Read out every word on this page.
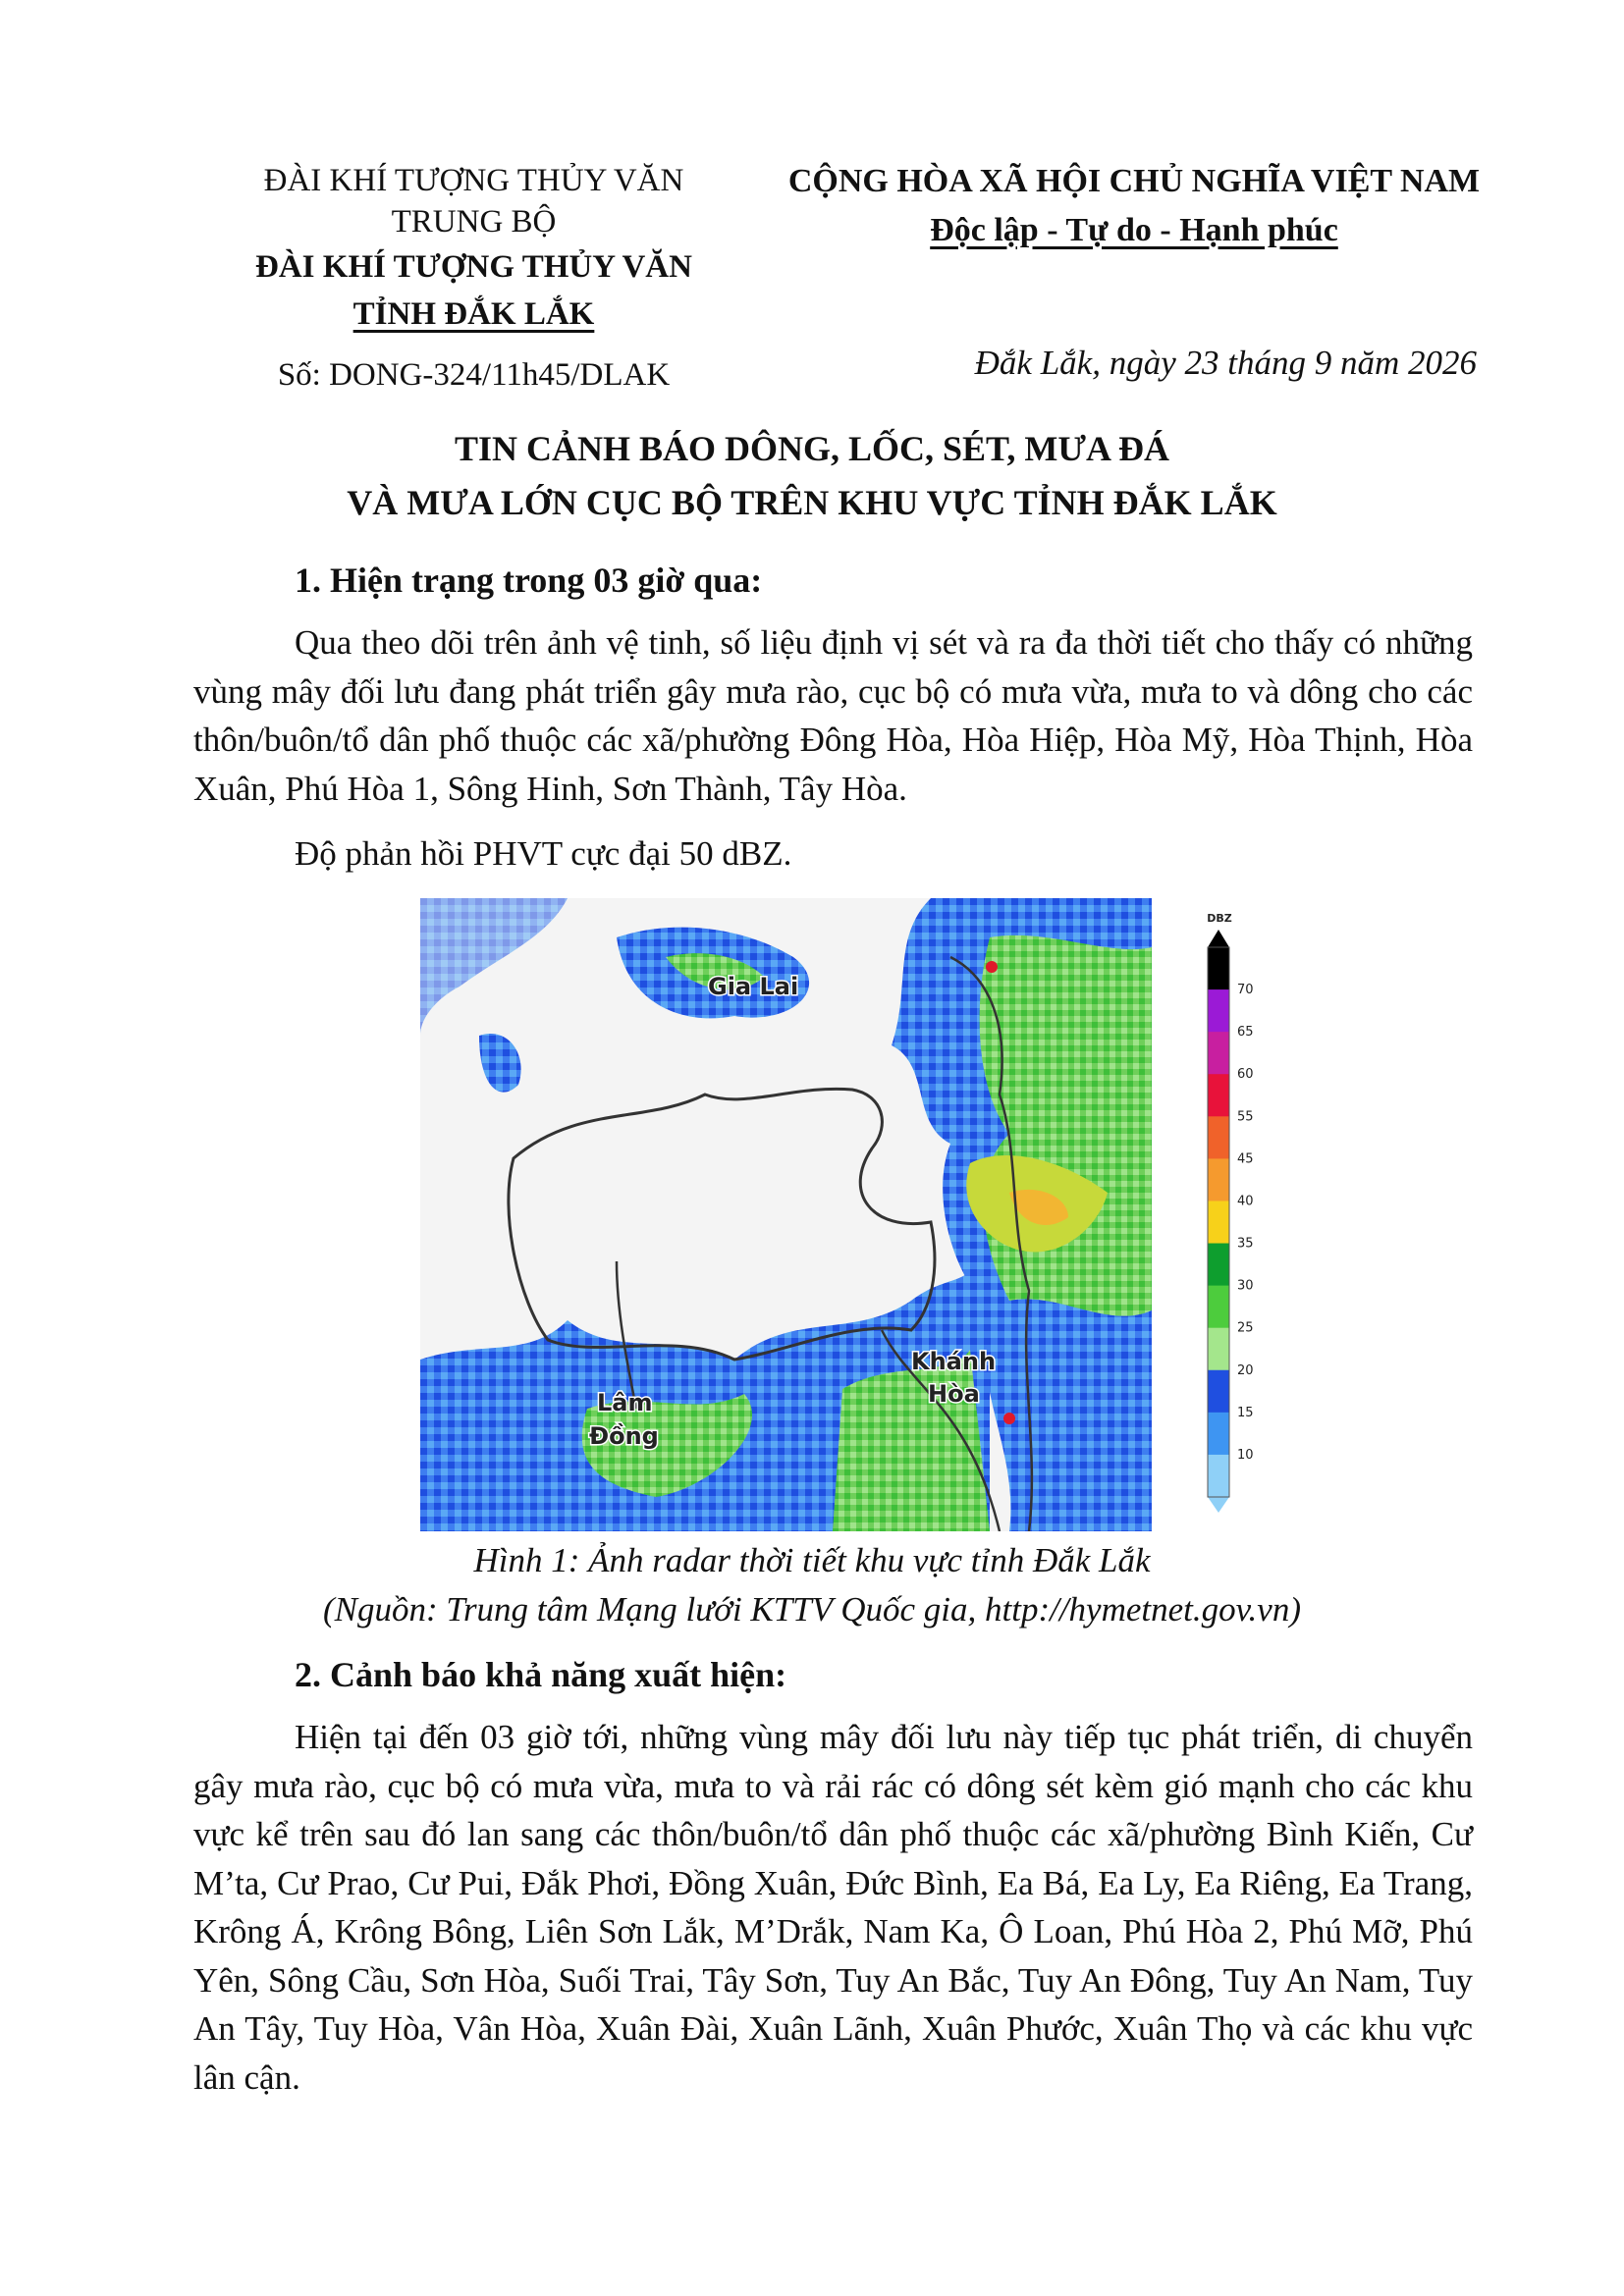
ĐÀI KHÍ TƯỢNG THỦY VĂN
TRUNG BỘ
ĐÀI KHÍ TƯỢNG THỦY VĂN
TỈNH ĐẮK LẮK
Số: DONG-324/11h45/DLAK
CỘNG HÒA XÃ HỘI CHỦ NGHĨA VIỆT NAM
Độc lập - Tự do - Hạnh phúc
Đắk Lắk, ngày 23 tháng 9 năm 2026
TIN CẢNH BÁO DÔNG, LỐC, SÉT, MƯA ĐÁ
VÀ MƯA LỚN CỤC BỘ TRÊN KHU VỰC TỈNH ĐẮK LẮK
1. Hiện trạng trong 03 giờ qua:

Qua theo dõi trên ảnh vệ tinh, số liệu định vị sét và ra đa thời tiết cho thấy có những vùng mây đối lưu đang phát triển gây mưa rào, cục bộ có mưa vừa, mưa to và dông cho các thôn/buôn/tổ dân phố thuộc các xã/phường Đông Hòa, Hòa Hiệp, Hòa Mỹ, Hòa Thịnh, Hòa Xuân, Phú Hòa 1, Sông Hinh, Sơn Thành, Tây Hòa.

Độ phản hồi PHVT cực đại 50 dBZ.
Gia Lai
Khánh
Hòa
Lâm
Đồng
DBZ
70
65
60
55
45
40
35
30
25
20
15
10
Hình 1: Ảnh radar thời tiết khu vực tỉnh Đắk Lắk
(Nguồn: Trung tâm Mạng lưới KTTV Quốc gia, http://hymetnet.gov.vn)
2. Cảnh báo khả năng xuất hiện:

Hiện tại đến 03 giờ tới, những vùng mây đối lưu này tiếp tục phát triển, di chuyển gây mưa rào, cục bộ có mưa vừa, mưa to và rải rác có dông sét kèm gió mạnh cho các khu vực kể trên sau đó lan sang các thôn/buôn/tổ dân phố thuộc các xã/phường Bình Kiến, Cư M’ta, Cư Prao, Cư Pui, Đắk Phơi, Đồng Xuân, Đức Bình, Ea Bá, Ea Ly, Ea Riêng, Ea Trang, Krông Á, Krông Bông, Liên Sơn Lắk, M’Drắk, Nam Ka, Ô Loan, Phú Hòa 2, Phú Mỡ, Phú Yên, Sông Cầu, Sơn Hòa, Suối Trai, Tây Sơn, Tuy An Bắc, Tuy An Đông, Tuy An Nam, Tuy An Tây, Tuy Hòa, Vân Hòa, Xuân Đài, Xuân Lãnh, Xuân Phước, Xuân Thọ và các khu vực lân cận.
